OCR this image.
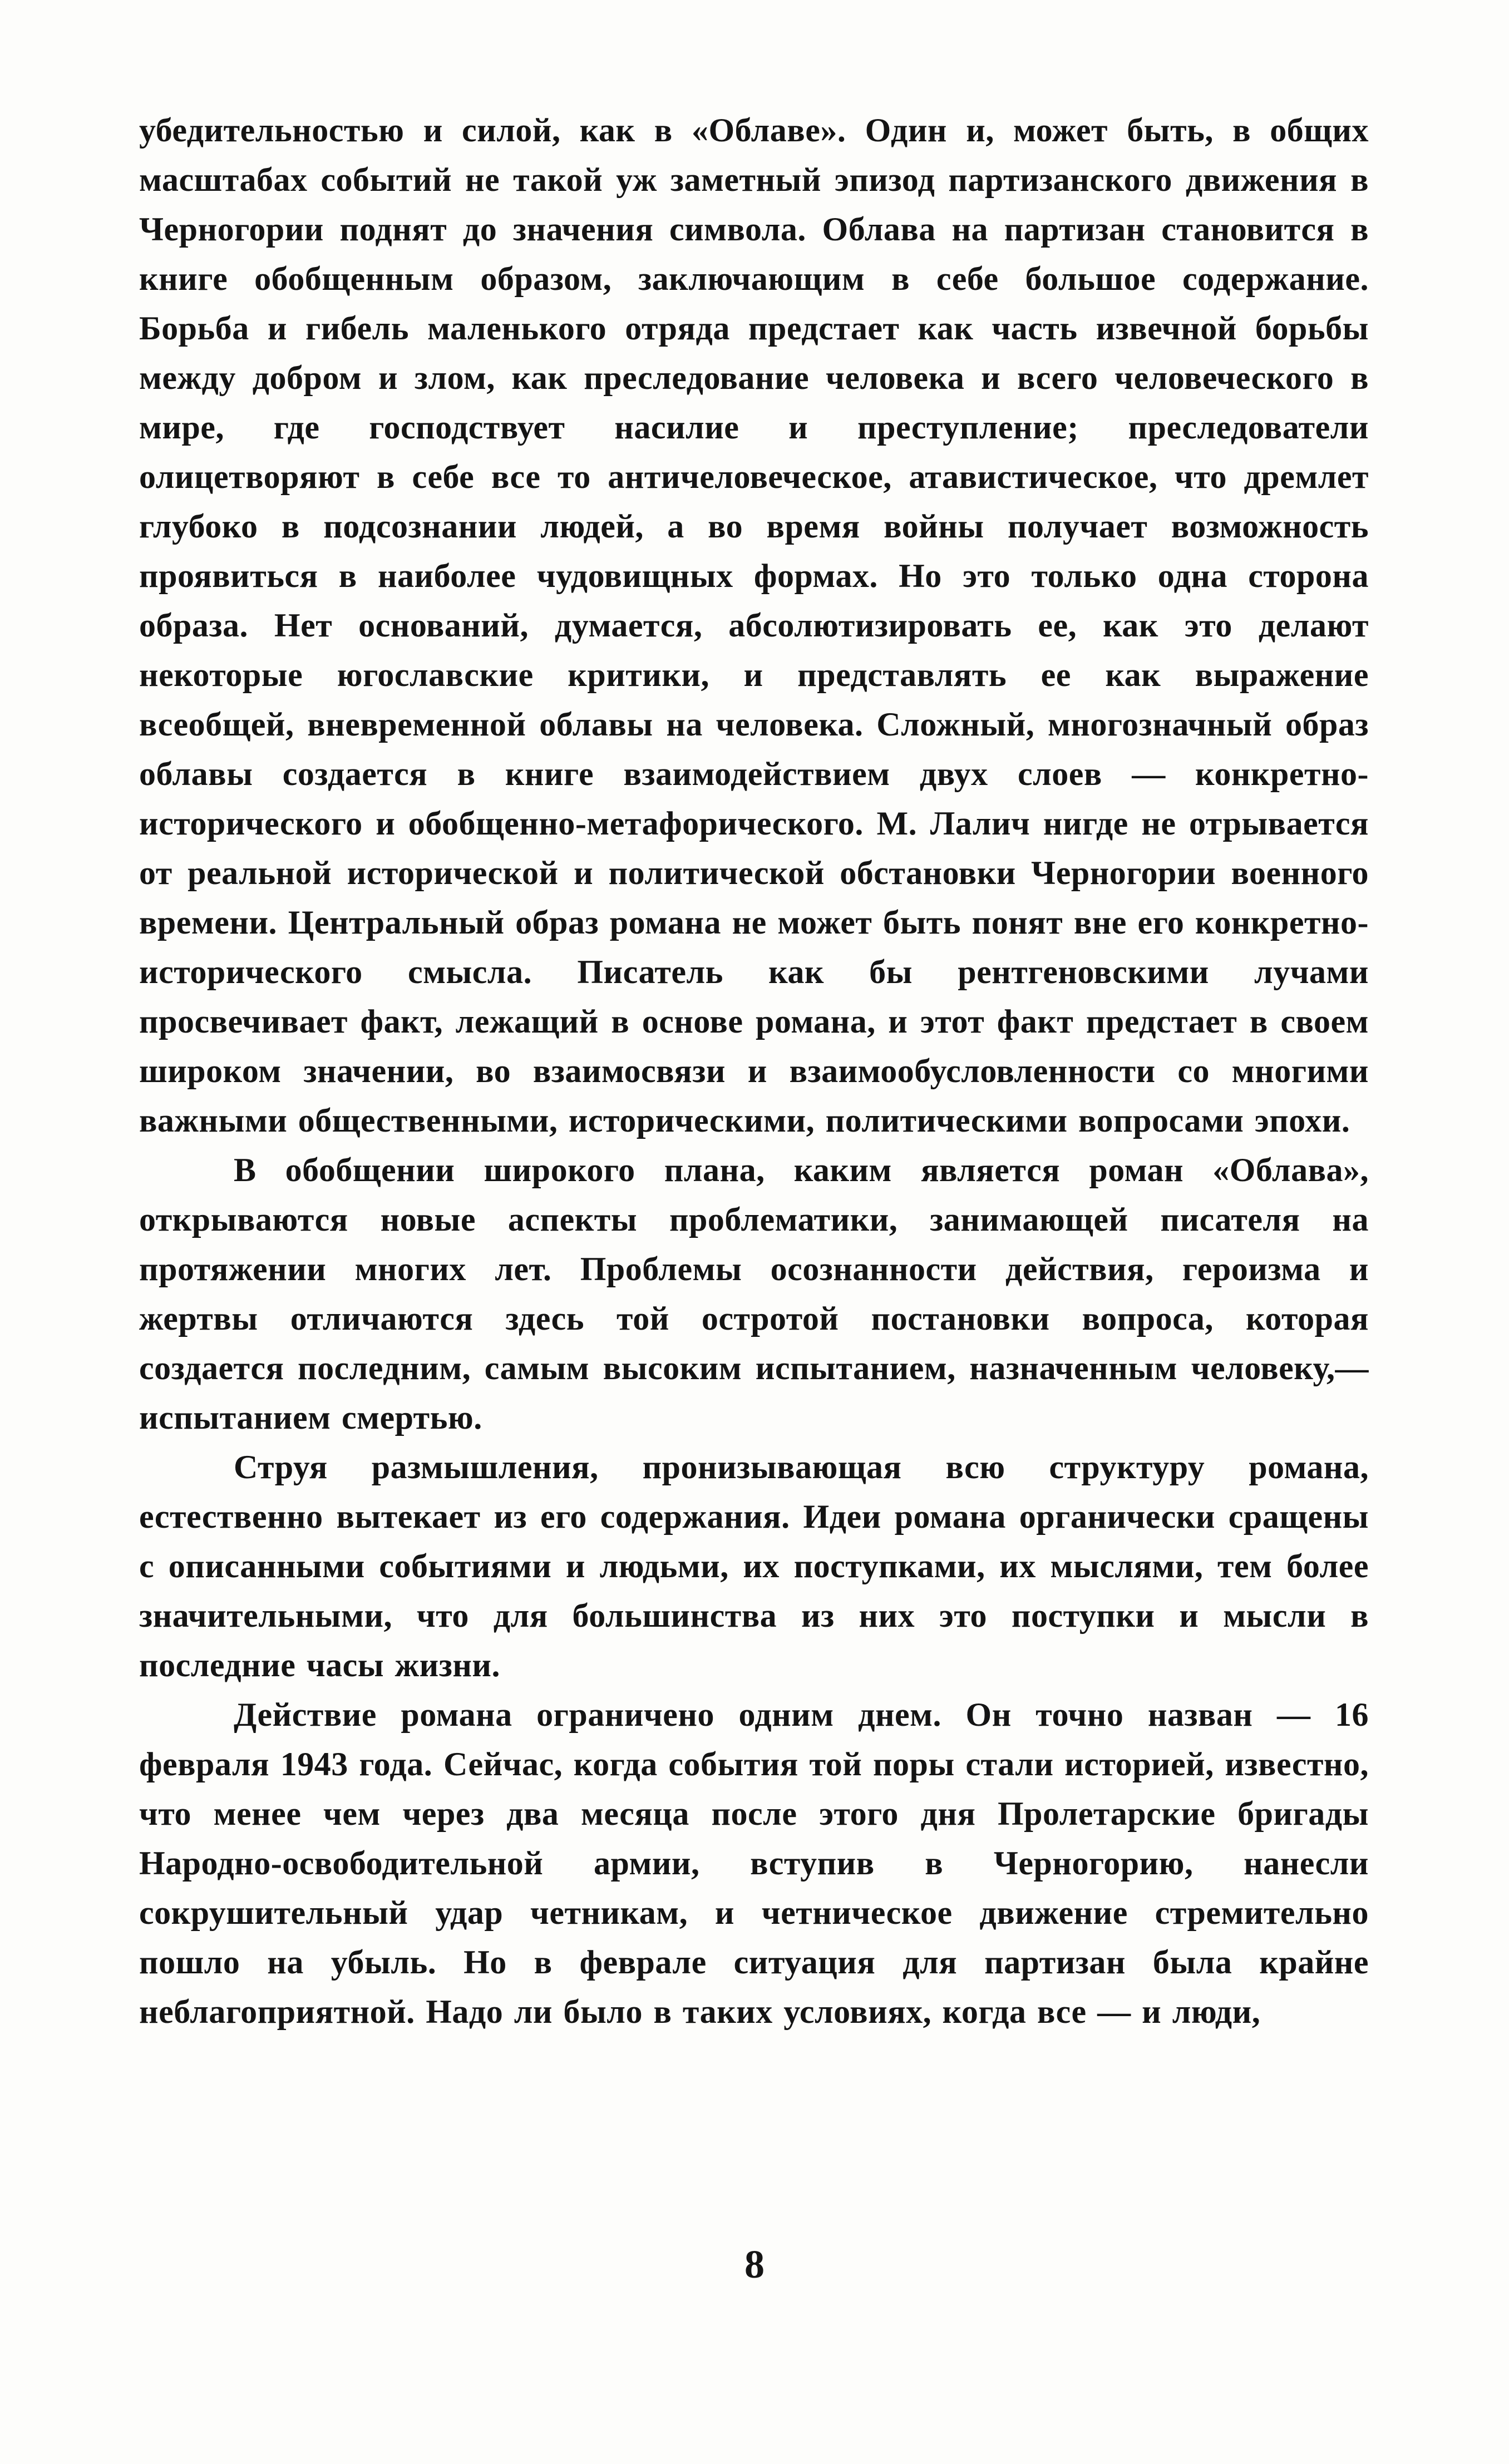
убедительностью и силой, как в «Облаве». Один и, может быть, в общих масштабах событий не такой уж заметный эпизод партизанского движения в Черногории поднят до значения символа. Облава на партизан становится в книге обобщенным образом, заключающим в себе большое содержание. Борьба и гибель маленького отряда предстает как часть извечной борьбы между добром и злом, как преследование человека и всего человеческого в мире, где господствует насилие и преступление; преследователи олицетворяют в себе все то античеловеческое, атавистическое, что дремлет глубоко в подсознании людей, а во время войны получает возможность проявиться в наиболее чудовищных формах. Но это только одна сторона образа. Нет оснований, думается, абсолютизировать ее, как это делают некоторые югославские критики, и представлять ее как выражение всеобщей, вневременной облавы на человека. Сложный, многозначный образ облавы создается в книге взаимодействием двух слоев — конкретно-исторического и обобщенно-метафорического. М. Лалич нигде не отрывается от реальной исторической и политической обстановки Черногории военного времени. Центральный образ романа не может быть понят вне его конкретно-исторического смысла. Писатель как бы рентгеновскими лучами просвечивает факт, лежащий в основе романа, и этот факт предстает в своем широком значении, во взаимосвязи и взаимообусловленности со многими важными общественными, историческими, политическими вопросами эпохи.

В обобщении широкого плана, каким является роман «Облава», открываются новые аспекты проблематики, занимающей писателя на протяжении многих лет. Проблемы осознанности действия, героизма и жертвы отличаются здесь той остротой постановки вопроса, которая создается последним, самым высоким испытанием, назначенным человеку,— испытанием смертью.

Струя размышления, пронизывающая всю структуру романа, естественно вытекает из его содержания. Идеи романа органически сращены с описанными событиями и людьми, их поступками, их мыслями, тем более значительными, что для большинства из них это поступки и мысли в последние часы жизни.

Действие романа ограничено одним днем. Он точно назван — 16 февраля 1943 года. Сейчас, когда события той поры стали историей, известно, что менее чем через два месяца после этого дня Пролетарские бригады Народно-освободительной армии, вступив в Черногорию, нанесли сокрушительный удар четникам, и четническое движение стремительно пошло на убыль. Но в феврале ситуация для партизан была крайне неблагоприятной. Надо ли было в таких условиях, когда все — и люди,

8
